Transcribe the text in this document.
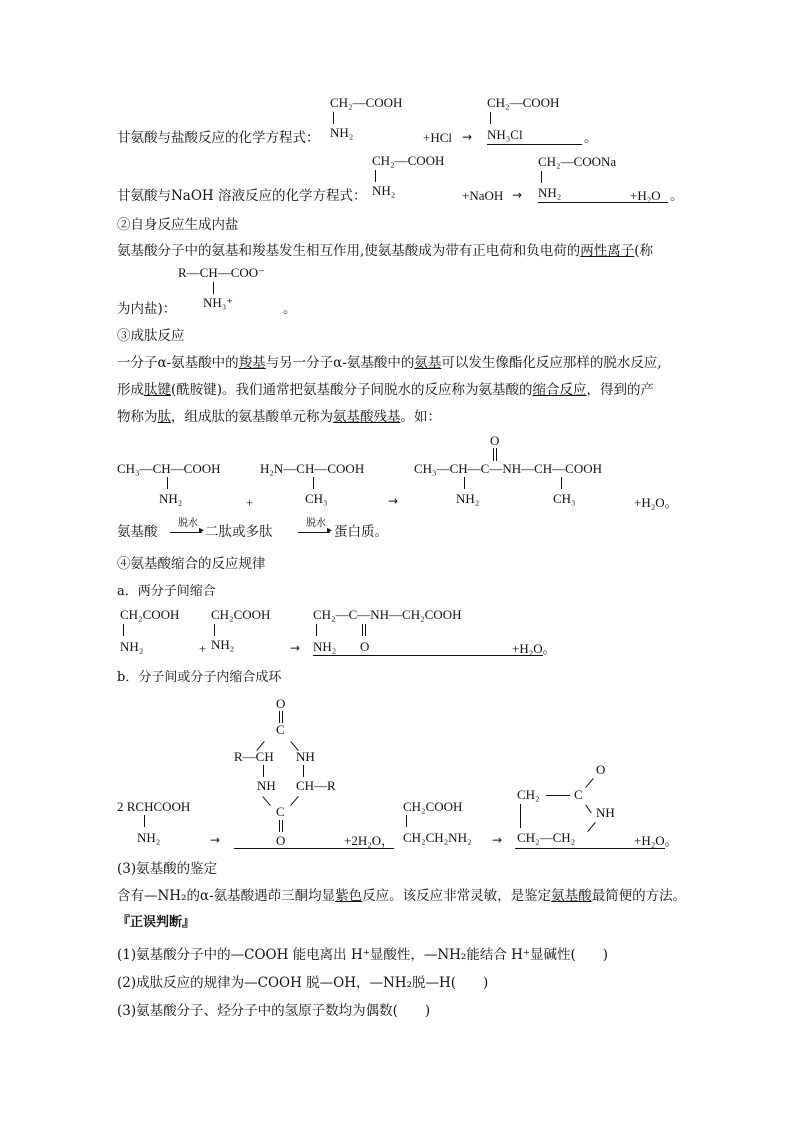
CH₂—COOH
甘氨酸与盐酸反应的化学方程式： NH₂	+HCl →
CH₂—COOH
NH₃Cl	。
CH₂—COOH
甘氨酸与NaOH 溶液反应的化学方程式： NH₂	+NaOH →
CH₂—COONa
NH₂	+H₂O 。
②自身反应生成内盐
氨基酸分子中的氨基和羧基发生相互作用,使氨基酸成为带有正电荷和负电荷的两性离子(称
R—CH—COO⁻
为内盐)： NH₃⁺	。
③成肽反应
一分子α-氨基酸中的羧基与另一分子α-氨基酸中的氨基可以发生像酯化反应那样的脱水反应,
形成肽键(酰胺键)。我们通常把氨基酸分子间脱水的反应称为氨基酸的缩合反应，得到的产
物称为肽，组成肽的氨基酸单元称为氨基酸残基。如：
CH₃—CH—COOH
NH₂	+
H₂N—CH—COOH
CH₃	→
O
CH₃—CH—C—NH—CH—COOH
NH₂	CH₃	+H₂O。
氨基酸
脱水
▸ 二肽或多肽
脱水
▸ 蛋白质。
④氨基酸缩合的反应规律
a．两分子间缩合
CH₂COOH
NH₂
CH₂COOH
+ NH₂	→
CH₂—C—NH—CH₂COOH
NH₂ O	+H₂O。
b．分子间或分子内缩合成环
2 RCHCOOH
NH₂	→
O
C
R—CH NH
NH CH—R
C
O	+2H₂O，
CH₂COOH
CH₂CH₂NH₂ →
O
CH₂	C
NH
CH₂—CH₂	+H₂O。
(3)氨基酸的鉴定
含有—NH₂的α-氨基酸遇茚三酮均显紫色反应。该反应非常灵敏，是鉴定氨基酸最简便的方法。
『正误判断』
(1)氨基酸分子中的—COOH 能电离出 H⁺显酸性，—NH₂能结合 H⁺显碱性(　　)
(2)成肽反应的规律为—COOH 脱—OH，—NH₂脱—H(　　)
(3)氨基酸分子、烃分子中的氢原子数均为偶数(　　)
